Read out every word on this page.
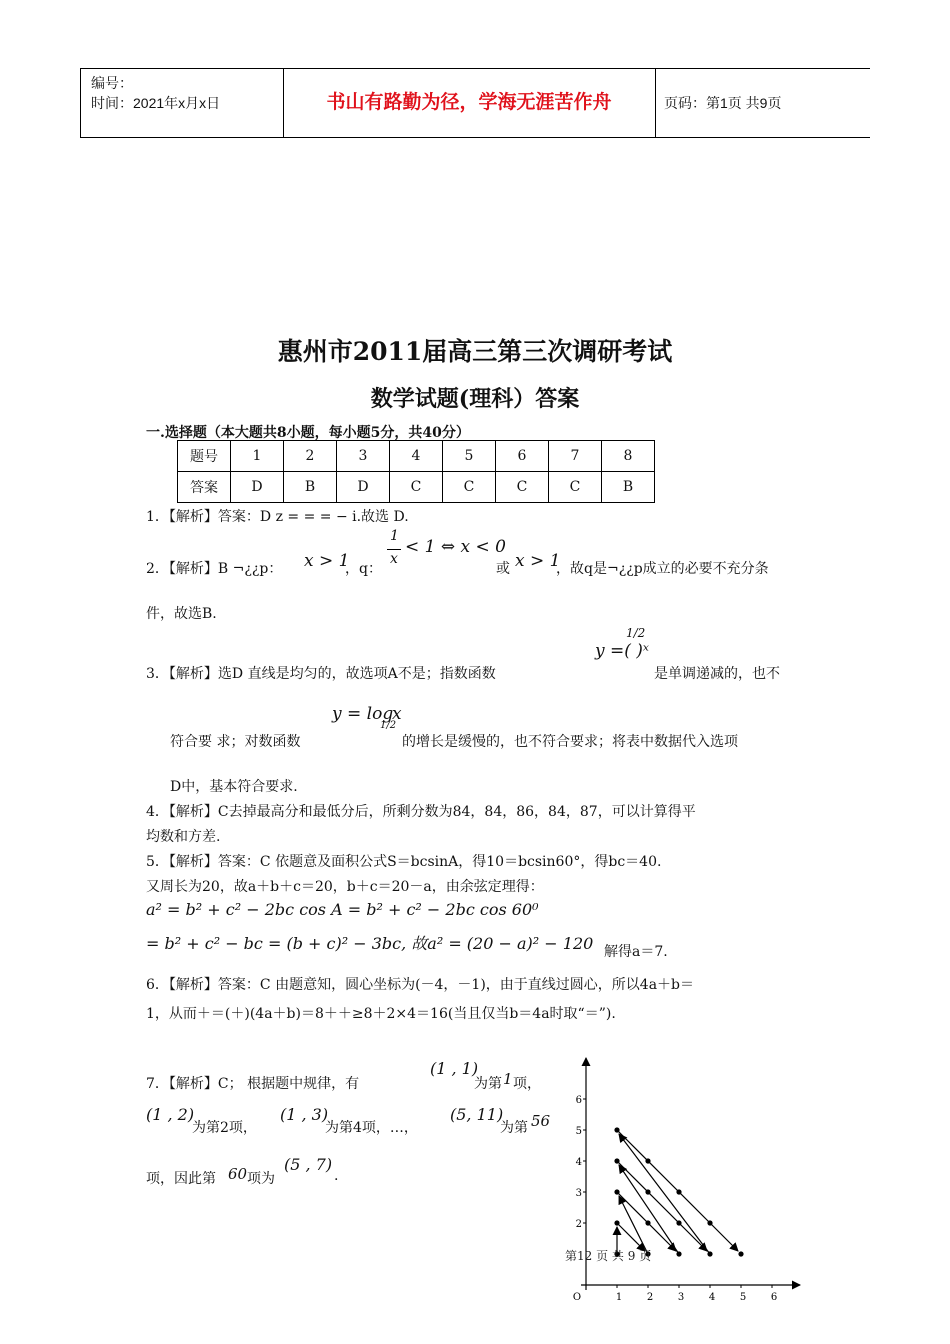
编号：
时间：2021年x月x日	书山有路勤为径，学海无涯苦作舟	页码：第1页 共9页
惠州市2011届高三第三次调研考试
数学试题(理科）答案
一.选择题（本大题共8小题，每小题5分，共40分）
题号	1	2	3	4	5	6	7	8
答案	D	B	D	C	C	C	C	B
1．【解析】答案：D z = = = − i.故选 D.
2．【解析】B ¬¿¿p： x > 1
，q：
1
x
< 1 ⇔ x < 0
或 x > 1
，故q是¬¿¿p成立的必要不充分条
件，故选B.
3．【解析】选D 直线是均匀的，故选项A不是；指数函数
y =( )ˣ
1/2
是单调递减的，也不
符合要 求；对数函数
y = log
1/2
x
的增长是缓慢的，也不符合要求；将表中数据代入选项
D中，基本符合要求.
4．【解析】C去掉最高分和最低分后，所剩分数为84，84，86，84，87，可以计算得平
均数和方差.
5．【解析】答案：C 依题意及面积公式S＝bcsinA，得10＝bcsin60°，得bc＝40.
又周长为20，故a＋b＋c＝20，b＋c＝20－a，由余弦定理得：
a² = b² + c² − 2bc cos A = b² + c² − 2bc cos 60⁰
= b² + c² − bc = (b + c)² − 3bc, 故a² = (20 − a)² − 120 解得a＝7.
6．【解析】答案：C 由题意知，圆心坐标为(－4，－1)，由于直线过圆心，所以4a＋b＝
1，从而＋＝(＋)(4a＋b)＝8＋＋≥8＋2×4＝16(当且仅当b＝4a时取“＝”).
7．【解析】C； 根据题中规律，有
(1 , 1)
为第 1 项，
(1 , 2)
为第2项，
(1 , 3)
为第4项，…，
(5, 11)
为第 56
项，因此第 60 项为
(5 , 7)
.
2
3
4
5
6
1 2 3 4 5 6
O
第12 页 共 9 页
